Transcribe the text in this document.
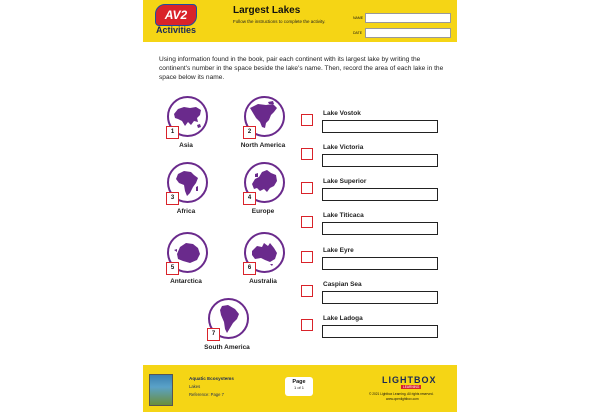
AV2
Activities
Largest Lakes
Follow the instructions to complete the activity.
NAME
DATE
Using information found in the book, pair each continent with its largest lake by writing the continent's number in the space beside the lake's name. Then, record the area of each lake in the space below its name.
1
Asia
2
North America
3
Africa
4
Europe
5
Antarctica
6
Australia
7
South America
Lake Vostok
Lake Victoria
Lake Superior
Lake Titicaca
Lake Eyre
Caspian Sea
Lake Ladoga
Aquatic Ecosystems
Lakes
Reference: Page 7
Page
1 of 1
LIGHTBOX
LEARNING
© 2021 Lightbox Learning. All rights reserved.
www.openlightbox.com
